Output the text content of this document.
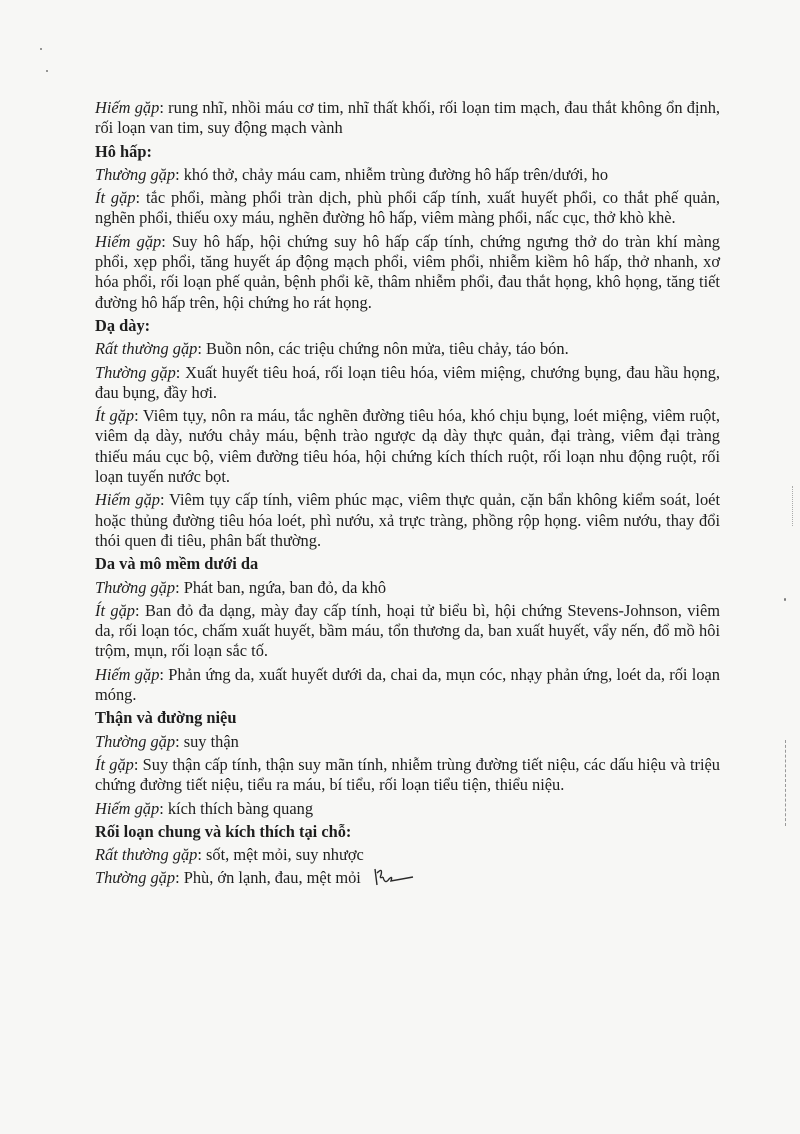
Hiếm gặp: rung nhĩ, nhồi máu cơ tim, nhĩ thất khối, rối loạn tim mạch, đau thắt không ổn định, rối loạn van tim, suy động mạch vành
Hô hấp:
Thường gặp: khó thở, chảy máu cam, nhiễm trùng đường hô hấp trên/dưới, ho
Ít gặp: tắc phổi, màng phổi tràn dịch, phù phổi cấp tính, xuất huyết phổi, co thắt phế quản, nghẽn phổi, thiếu oxy máu, nghẽn đường hô hấp, viêm màng phổi, nấc cục, thở khò khè.
Hiếm gặp: Suy hô hấp, hội chứng suy hô hấp cấp tính, chứng ngưng thở do tràn khí màng phổi, xẹp phổi, tăng huyết áp động mạch phổi, viêm phổi, nhiễm kiềm hô hấp, thở nhanh, xơ hóa phổi, rối loạn phế quản, bệnh phổi kẽ, thâm nhiễm phổi, đau thắt họng, khô họng, tăng tiết đường hô hấp trên, hội chứng ho rát họng.
Dạ dày:
Rất thường gặp: Buồn nôn, các triệu chứng nôn mửa, tiêu chảy, táo bón.
Thường gặp: Xuất huyết tiêu hoá, rối loạn tiêu hóa, viêm miệng, chướng bụng, đau hầu họng, đau bụng, đầy hơi.
Ít gặp: Viêm tụy, nôn ra máu, tắc nghẽn đường tiêu hóa, khó chịu bụng, loét miệng, viêm ruột, viêm dạ dày, nướu chảy máu, bệnh trào ngược dạ dày thực quản, đại tràng, viêm đại tràng thiếu máu cục bộ, viêm đường tiêu hóa, hội chứng kích thích ruột, rối loạn nhu động ruột, rối loạn tuyến nước bọt.
Hiếm gặp: Viêm tụy cấp tính, viêm phúc mạc, viêm thực quản, cặn bẩn không kiểm soát, loét hoặc thủng đường tiêu hóa loét, phì nướu, xả trực tràng, phồng rộp họng. viêm nướu, thay đổi thói quen đi tiêu, phân bất thường.
Da và mô mềm dưới da
Thường gặp: Phát ban, ngứa, ban đỏ, da khô
Ít gặp: Ban đỏ đa dạng, mày đay cấp tính, hoại tử biểu bì, hội chứng Stevens-Johnson, viêm da, rối loạn tóc, chấm xuất huyết, bầm máu, tổn thương da, ban xuất huyết, vẩy nến, đổ mồ hôi trộm, mụn, rối loạn sắc tố.
Hiếm gặp: Phản ứng da, xuất huyết dưới da, chai da, mụn cóc, nhạy phản ứng, loét da, rối loạn móng.
Thận và đường niệu
Thường gặp: suy thận
Ít gặp: Suy thận cấp tính, thận suy mãn tính, nhiễm trùng đường tiết niệu, các dấu hiệu và triệu chứng đường tiết niệu, tiểu ra máu, bí tiểu, rối loạn tiểu tiện, thiểu niệu.
Hiếm gặp: kích thích bàng quang
Rối loạn chung và kích thích tại chỗ:
Rất thường gặp: sốt, mệt mỏi, suy nhược
Thường gặp: Phù, ớn lạnh, đau, mệt mỏi
